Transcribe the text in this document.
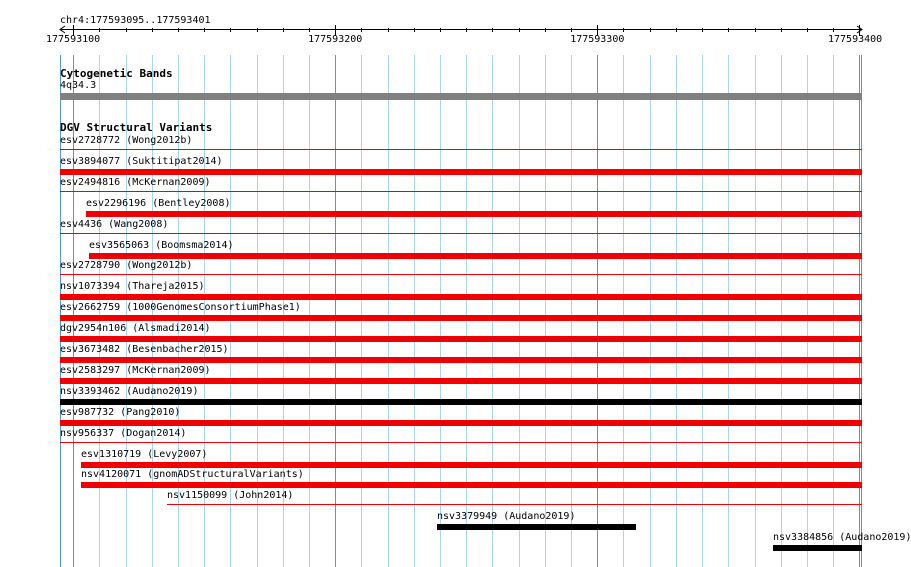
chr4:177593095..177593401
177593100	177593200	177593300	177593400
Cytogenetic Bands
4q34.3
DGV Structural Variants
esv2728772 (Wong2012b)
esv3894077 (Suktitipat2014)
esv2494816 (McKernan2009)
esv2296196 (Bentley2008)
esv4436 (Wang2008)
esv3565063 (Boomsma2014)
esv2728790 (Wong2012b)
nsv1073394 (Thareja2015)
esv2662759 (1000GenomesConsortiumPhase1)
dgv2954n106 (Alsmadi2014)
esv3673482 (Besenbacher2015)
esv2583297 (McKernan2009)
nsv3393462 (Audano2019)
esv987732 (Pang2010)
nsv956337 (Dogan2014)
esv1310719 (Levy2007)
nsv4120071 (gnomADStructuralVariants)
nsv1150099 (John2014)
nsv3379949 (Audano2019)
nsv3384856 (Audano2019)
